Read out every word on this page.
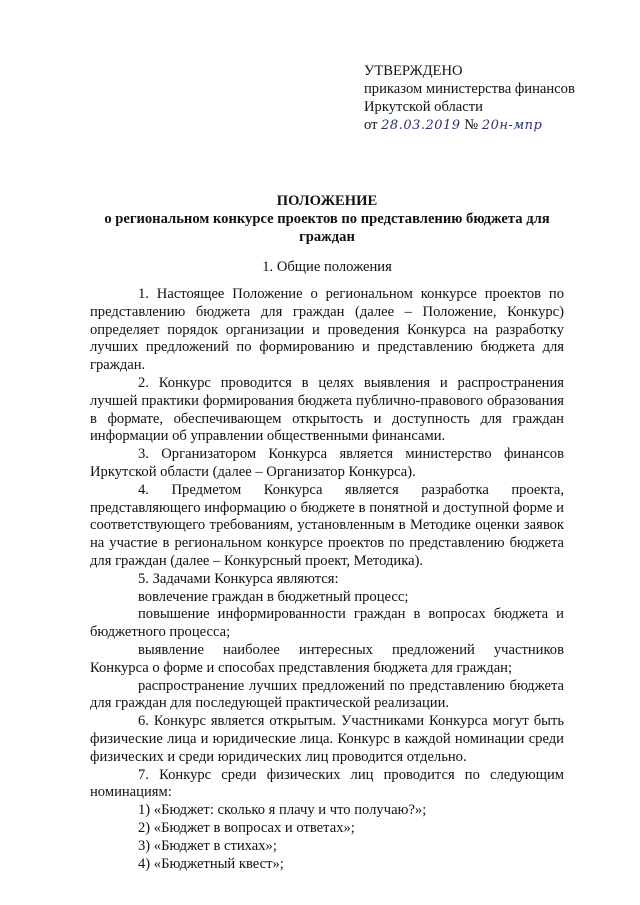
УТВЕРЖДЕНО
приказом министерства финансов
Иркутской области
от 28.03.2019 № 20н-мпр
ПОЛОЖЕНИЕ
о региональном конкурсе проектов по представлению бюджета для граждан
1. Общие положения

1. Настоящее Положение о региональном конкурсе проектов по представлению бюджета для граждан (далее – Положение, Конкурс) определяет порядок организации и проведения Конкурса на разработку лучших предложений по формированию и представлению бюджета для граждан.

2. Конкурс проводится в целях выявления и распространения лучшей практики формирования бюджета публично-правового образования в формате, обеспечивающем открытость и доступность для граждан информации об управлении общественными финансами.

3. Организатором Конкурса является министерство финансов Иркутской области (далее – Организатор Конкурса).

4. Предметом Конкурса является разработка проекта, представляющего информацию о бюджете в понятной и доступной форме и соответствующего требованиям, установленным в Методике оценки заявок на участие в региональном конкурсе проектов по представлению бюджета для граждан (далее – Конкурсный проект, Методика).

5. Задачами Конкурса являются:

вовлечение граждан в бюджетный процесс;

повышение информированности граждан в вопросах бюджета и бюджетного процесса;

выявление наиболее интересных предложений участников Конкурса о форме и способах представления бюджета для граждан;

распространение лучших предложений по представлению бюджета для граждан для последующей практической реализации.

6. Конкурс является открытым. Участниками Конкурса могут быть физические лица и юридические лица. Конкурс в каждой номинации среди физических и среди юридических лиц проводится отдельно.

7. Конкурс среди физических лиц проводится по следующим номинациям:

1) «Бюджет: сколько я плачу и что получаю?»;

2) «Бюджет в вопросах и ответах»;

3) «Бюджет в стихах»;

4) «Бюджетный квест»;
